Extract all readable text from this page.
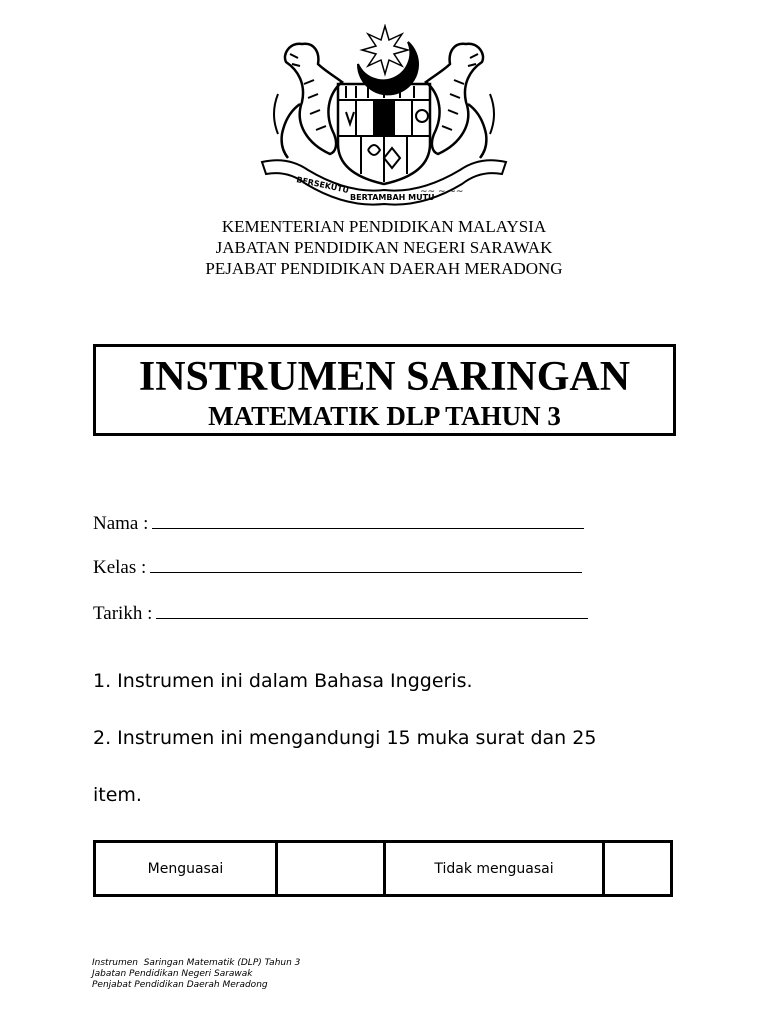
BERSEKUTU
BERTAMBAH MUTU
~~ ~ ~~
KEMENTERIAN PENDIDIKAN MALAYSIA
JABATAN PENDIDIKAN NEGERI SARAWAK
PEJABAT PENDIDIKAN DAERAH MERADONG
INSTRUMEN SARINGAN
MATEMATIK DLP TAHUN 3
Nama :
Kelas :
Tarikh :
1. Instrumen ini dalam Bahasa Inggeris.
2. Instrumen ini mengandungi 15 muka surat dan 25
item.
Menguasai	Tidak menguasai
Instrumen  Saringan Matematik (DLP) Tahun 3
Jabatan Pendidikan Negeri Sarawak
Penjabat Pendidikan Daerah Meradong
